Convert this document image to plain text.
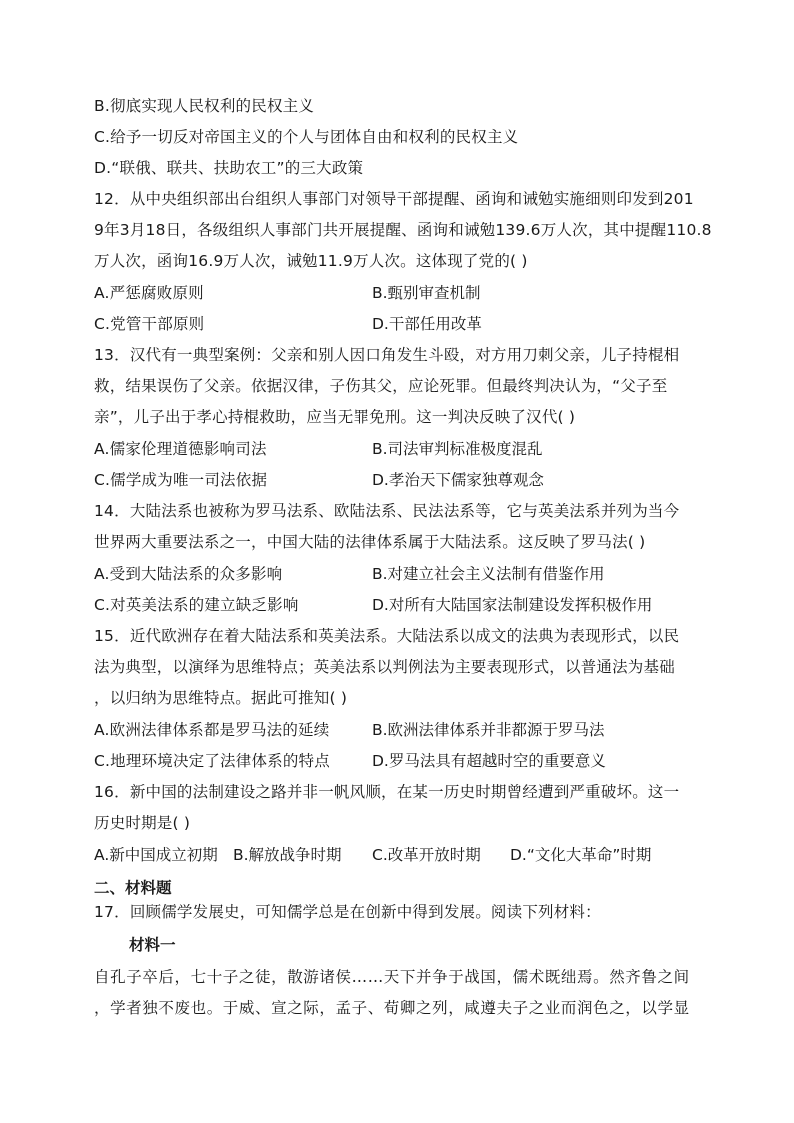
B.彻底实现人民权利的民权主义
C.给予一切反对帝国主义的个人与团体自由和权利的民权主义
D.“联俄、联共、扶助农工”的三大政策
12．从中央组织部出台组织人事部门对领导干部提醒、函询和诫勉实施细则印发到201
9年3月18日，各级组织人事部门共开展提醒、函询和诫勉139.6万人次，其中提醒110.8
万人次，函询16.9万人次，诫勉11.9万人次。这体现了党的( )
A.严惩腐败原则	B.甄别审查机制
C.党管干部原则	D.干部任用改革
13．汉代有一典型案例：父亲和别人因口角发生斗殴，对方用刀刺父亲，儿子持棍相
救，结果误伤了父亲。依据汉律，子伤其父，应论死罪。但最终判决认为，“父子至
亲”，儿子出于孝心持棍救助，应当无罪免刑。这一判决反映了汉代( )
A.儒家伦理道德影响司法	B.司法审判标准极度混乱
C.儒学成为唯一司法依据	D.孝治天下儒家独尊观念
14．大陆法系也被称为罗马法系、欧陆法系、民法法系等，它与英美法系并列为当今
世界两大重要法系之一，中国大陆的法律体系属于大陆法系。这反映了罗马法( )
A.受到大陆法系的众多影响	B.对建立社会主义法制有借鉴作用
C.对英美法系的建立缺乏影响	D.对所有大陆国家法制建设发挥积极作用
15．近代欧洲存在着大陆法系和英美法系。大陆法系以成文的法典为表现形式，以民
法为典型，以演绎为思维特点；英美法系以判例法为主要表现形式，以普通法为基础
，以归纳为思维特点。据此可推知( )
A.欧洲法律体系都是罗马法的延续	B.欧洲法律体系并非都源于罗马法
C.地理环境决定了法律体系的特点	D.罗马法具有超越时空的重要意义
16．新中国的法制建设之路并非一帆风顺，在某一历史时期曾经遭到严重破坏。这一
历史时期是( )
A.新中国成立初期 B.解放战争时期 C.改革开放时期 D.“文化大革命”时期
二、材料题
17．回顾儒学发展史，可知儒学总是在创新中得到发展。阅读下列材料：
材料一
自孔子卒后，七十子之徒，散游诸侯……天下并争于战国，儒术既绌焉。然齐鲁之间
，学者独不废也。于威、宣之际，孟子、荀卿之列，咸遵夫子之业而润色之，以学显
